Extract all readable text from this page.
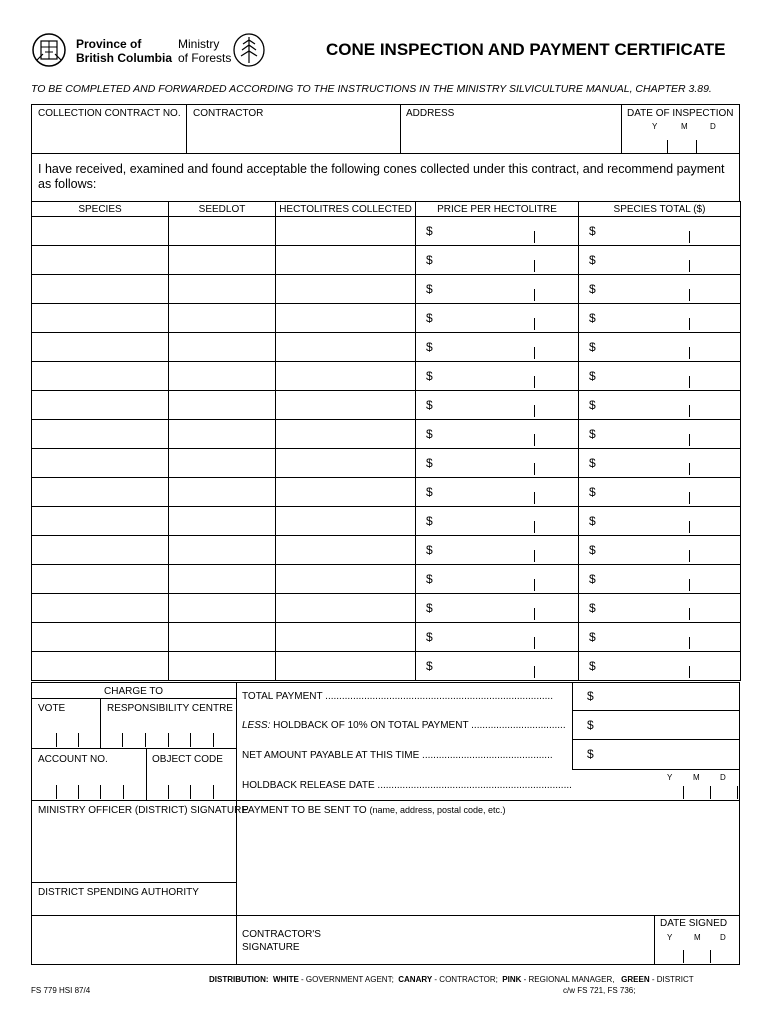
Province of
British Columbia
Ministry
of Forests	CONE INSPECTION AND PAYMENT CERTIFICATE
TO BE COMPLETED AND FORWARDED ACCORDING TO THE INSTRUCTIONS IN THE MINISTRY SILVICULTURE MANUAL, CHAPTER 3.89.
COLLECTION CONTRACT NO. CONTRACTOR	ADDRESS	DATE OF INSPECTION
Y	M	D
I have received, examined and found acceptable the following cones collected under this contract, and recommend payment as follows:
SPECIES	SEEDLOT	HECTOLITRES COLLECTED	PRICE PER HECTOLITRE	SPECIES TOTAL ($)

			$	$

			$	$

			$	$

			$	$

			$	$

			$	$

			$	$

			$	$

			$	$

			$	$

			$	$

			$	$

			$	$

			$	$

			$	$

			$	$
CHARGE TO
VOTE	RESPONSIBILITY CENTRE
ACCOUNT NO.	OBJECT CODE
TOTAL PAYMENT ..................................................................................	$
LESS: HOLDBACK OF 10% ON TOTAL PAYMENT .................................. $
NET AMOUNT PAYABLE AT THIS TIME ...............................................	$
HOLDBACK RELEASE DATE ......................................................................
Y	M	D
MINISTRY OFFICER (DISTRICT) SIGNATURE
PAYMENT TO BE SENT TO (name, address, postal code, etc.)
DISTRICT SPENDING AUTHORITY
CONTRACTOR'S
SIGNATURE
DATE SIGNED
Y	M D
FS 779 HSI 87/4
DISTRIBUTION: WHITE - GOVERNMENT AGENT; CANARY - CONTRACTOR; PINK - REGIONAL MANAGER, GREEN - DISTRICT
c/w FS 721, FS 736;
